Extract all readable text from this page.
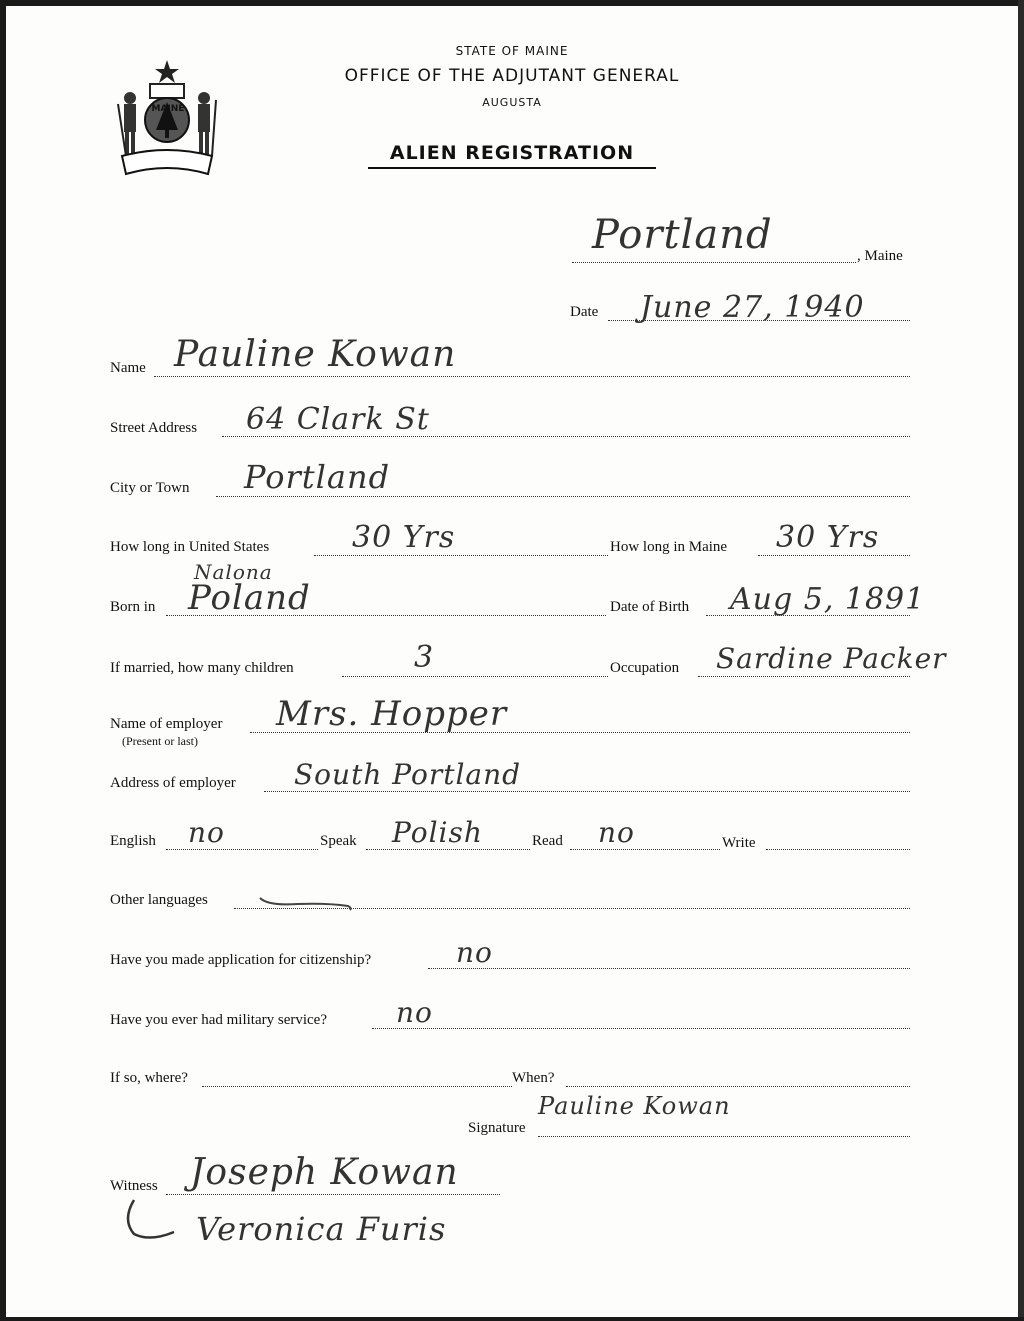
MAINE
STATE OF MAINE
OFFICE OF THE ADJUTANT GENERAL
AUGUSTA
ALIEN REGISTRATION
Portland	, Maine
Date June 27, 1940
Name Pauline Kowan
Street Address 64 Clark St
City or Town Portland
How long in United States	30 Yrs	How long in Maine 30 Yrs
Nalona
Born in Poland	Date of Birth Aug 5, 1891
If married, how many children	3	Occupation Sardine Packer
Name of employer
(Present or last)
Mrs. Hopper
Address of employer South Portland
English no	Speak Polish	Read no	Write
Other languages
Have you made application for citizenship?	no
Have you ever had military service? no
If so, where?	When?
Pauline Kowan
Signature
Witness Joseph Kowan
Veronica Furis
